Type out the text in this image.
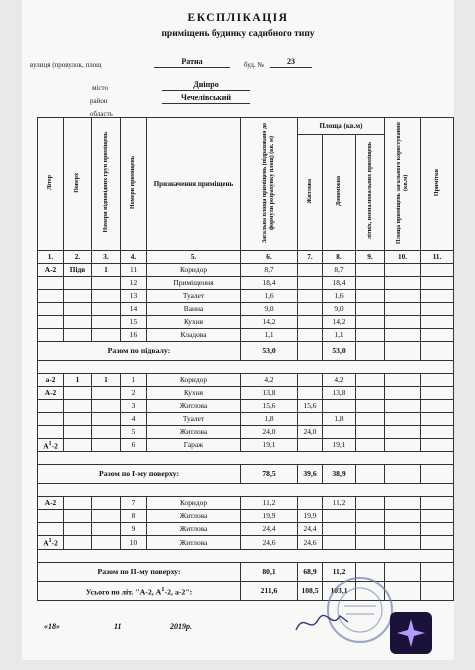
ЕКСПЛІКАЦІЯ
приміщень будинку садибного типу
вулиця (провулок, площ	Ратна	буд. №	23
місто	Дніпро
район	Чечелівський
область
Літер	Поверх	Номери відповідних груп приміщень	Номери приміщень	Призначення приміщень	Загальна площа приміщень (підраховано до формули розрахунку площ) (кв. м)	Площа (кв.м)			Площа приміщень загального користування (кв.м)	Примітки
						Житлова	Допоміжна	літніх, неопалювальних приміщень		
1.	2.	3.	4.	5.	6.	7.	8.	9.	10.	11.
А-2	Підв	1	11	Коридор	8,7		8,7			
			12	Приміщення	18,4		18,4			
			13	Туалет	1,6		1,6			
			14	Ванна	9,0		9,0			
			15	Кухня	14,2		14,2			
			16	Кладова	1,1		1,1			
Разом по підвалу:					53,0		53,0			

а-2	1	1	1	Коридор	4,2		4,2			
А-2			2	Кухня	13,8		13,8			
			3	Житлова	15,6	15,6				
			4	Туалет	1,8		1,8			
			5	Житлова	24,0	24,0				
$А^1-2$			6	Гараж	19,1		19,1			

Разом по І-му поверху:					78,5	39,6	38,9			

А-2			7	Коридор	11,2		11,2			
			8	Житлова	19,9	19,9				
			9	Житлова	24,4	24,4				
$А^1-2$			10	Житлова	24,6	24,6				

Разом по ІІ-му поверху:					80,1	68,9	11,2			
Усього по літ. "А-2, $А^1-2$, а-2":					211,6	108,5	103,1			
«18»	11	2019р.
